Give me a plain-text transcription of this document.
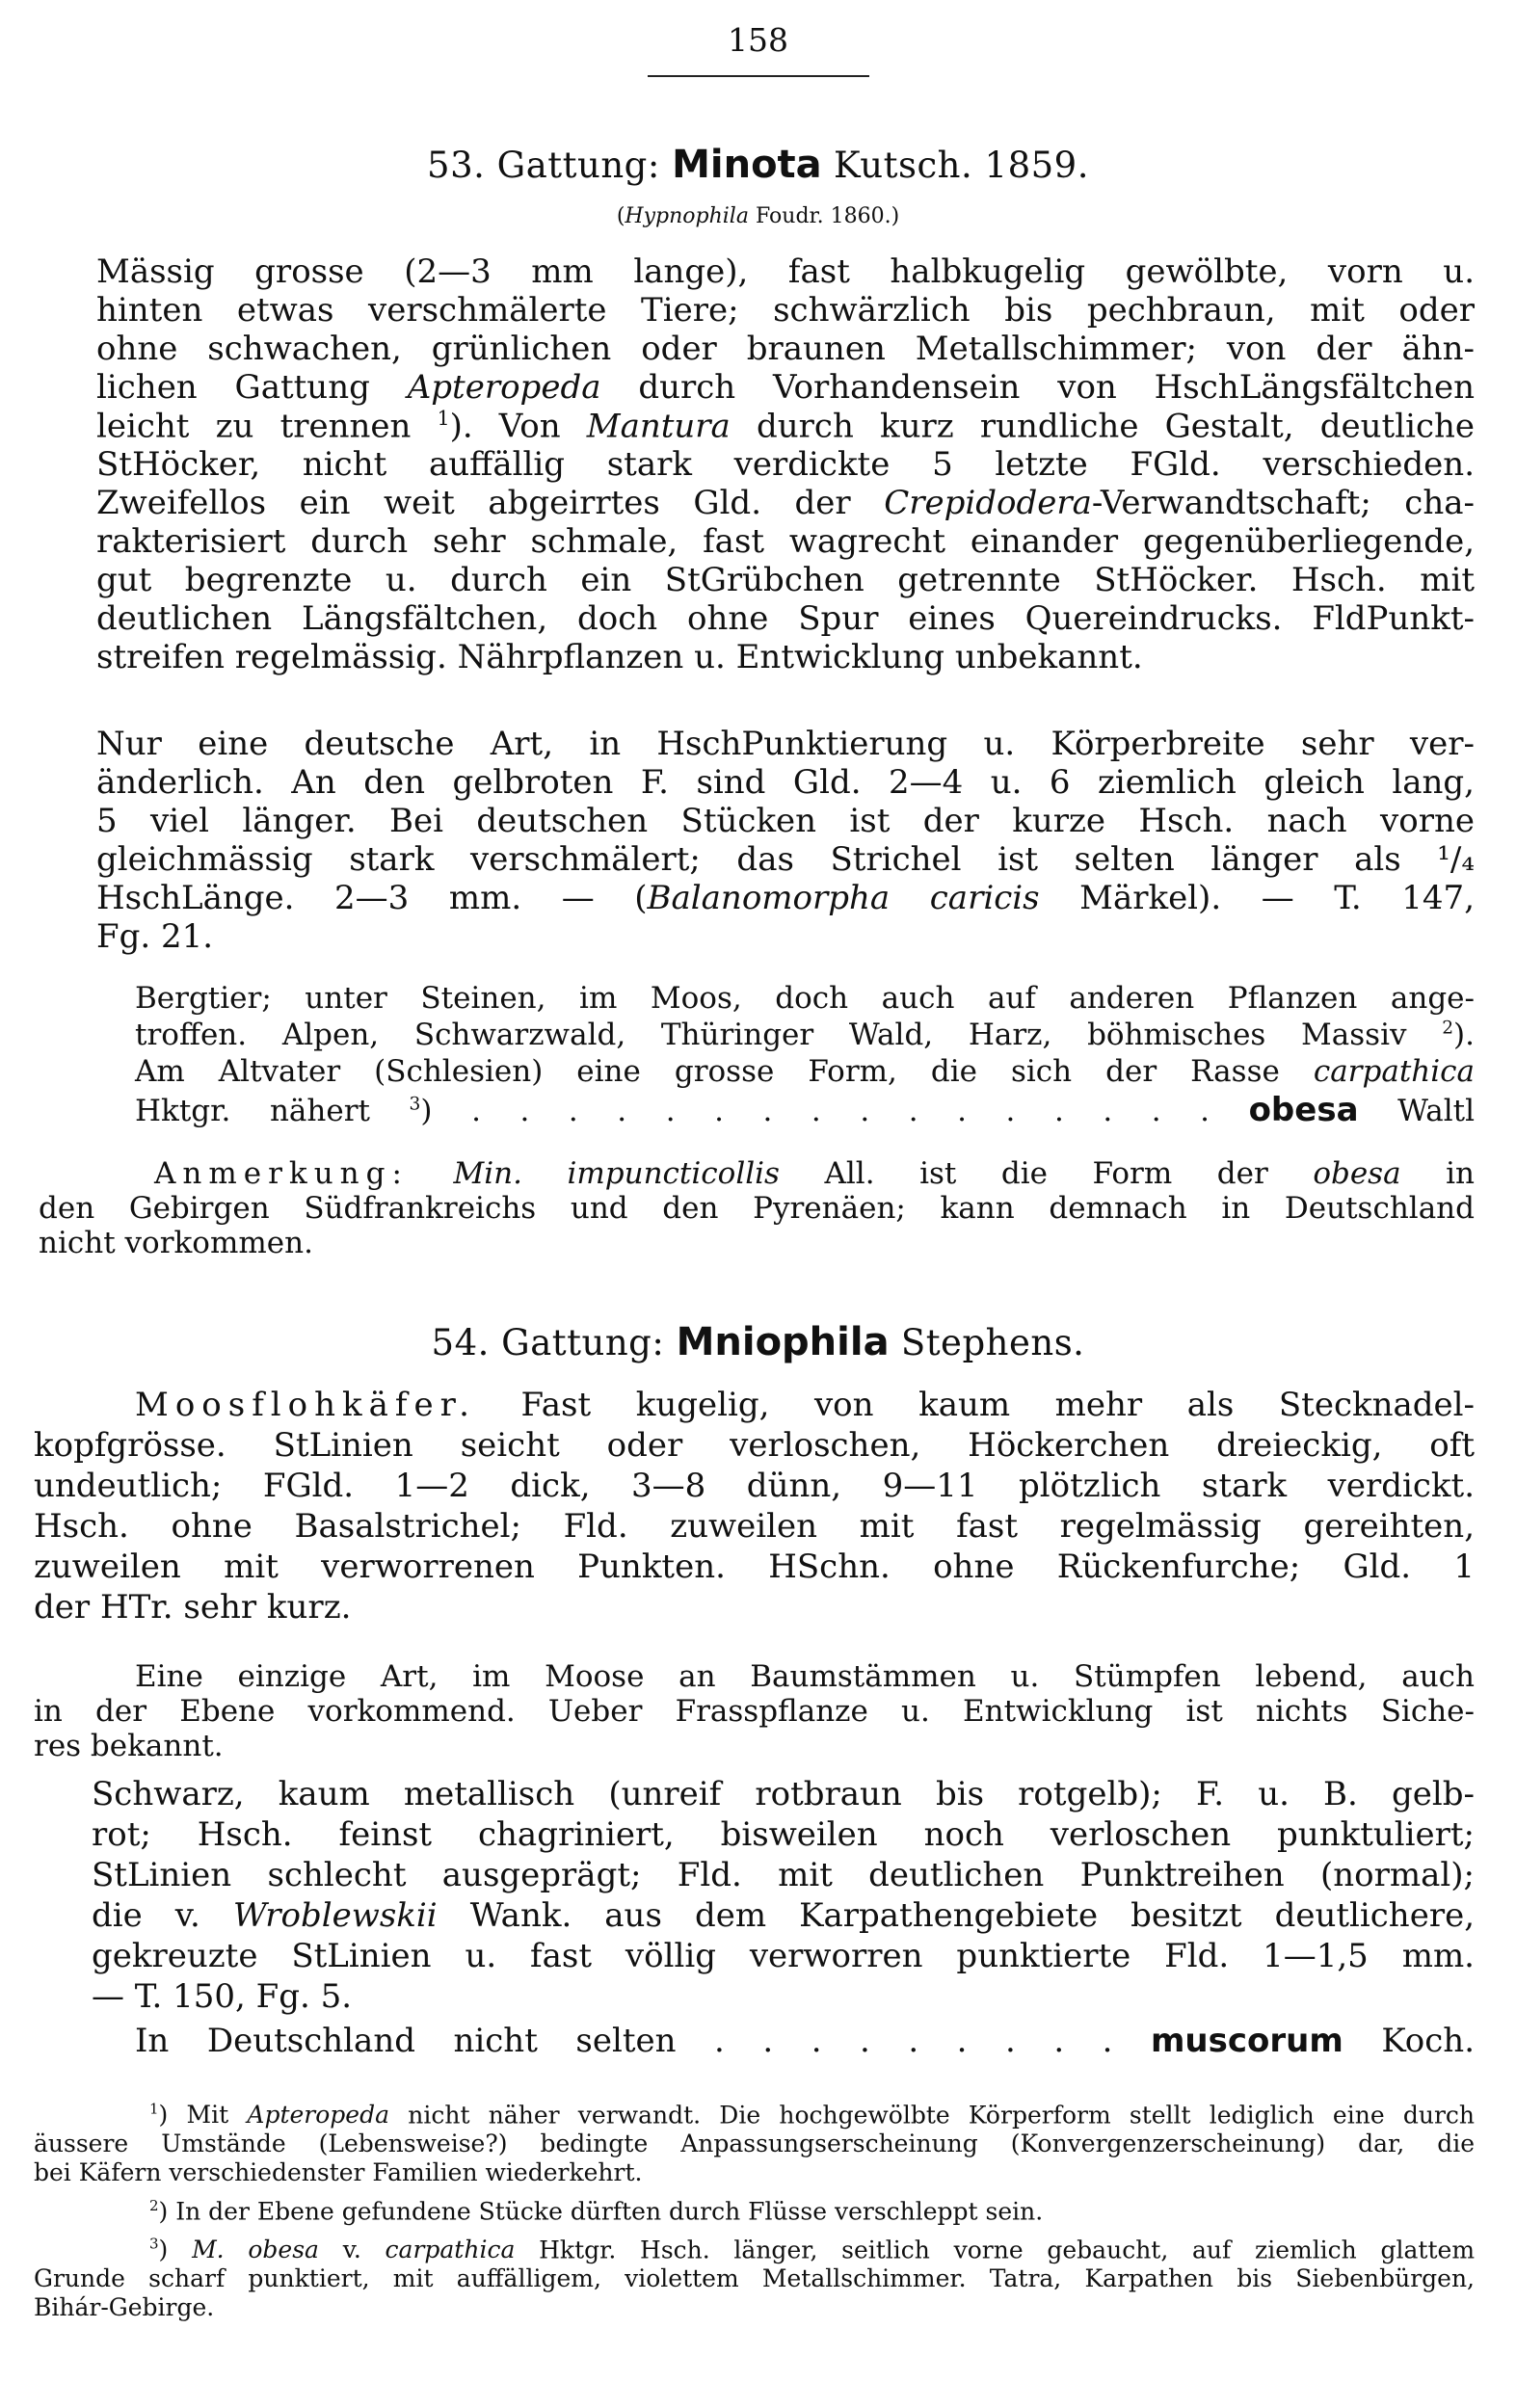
158
53. Gattung: Minota Kutsch. 1859.
(Hypnophila Foudr. 1860.)
Mässig grosse (2—3 mm lange), fast halbkugelig gewölbte, vorn u.
hinten etwas verschmälerte Tiere; schwärzlich bis pechbraun, mit oder
ohne schwachen, grünlichen oder braunen Metallschimmer; von der ähn-
lichen Gattung Apteropeda durch Vorhandensein von HschLängsfältchen
leicht zu trennen $^1$). Von Mantura durch kurz rundliche Gestalt, deutliche
StHöcker, nicht auffällig stark verdickte 5 letzte FGld. verschieden.
Zweifellos ein weit abgeirrtes Gld. der Crepidodera-Verwandtschaft; cha-
rakterisiert durch sehr schmale, fast wagrecht einander gegenüberliegende,
gut begrenzte u. durch ein StGrübchen getrennte StHöcker. Hsch. mit
deutlichen Längsfältchen, doch ohne Spur eines Quereindrucks. FldPunkt-
streifen regelmässig. Nährpflanzen u. Entwicklung unbekannt.
Nur eine deutsche Art, in HschPunktierung u. Körperbreite sehr ver-
änderlich. An den gelbroten F. sind Gld. 2—4 u. 6 ziemlich gleich lang,
5 viel länger. Bei deutschen Stücken ist der kurze Hsch. nach vorne
gleichmässig stark verschmälert; das Strichel ist selten länger als ¹/₄
HschLänge. 2—3 mm. — (Balanomorpha caricis Märkel). — T. 147,
Fg. 21.
Bergtier; unter Steinen, im Moos, doch auch auf anderen Pflanzen ange-
troffen. Alpen, Schwarzwald, Thüringer Wald, Harz, böhmisches Massiv $^2$).
Am Altvater (Schlesien) eine grosse Form, die sich der Rasse carpathica
Hktgr. nähert $^3$) . . . . . . . . . . . . . . . . obesa Waltl
Anmerkung: Min. impuncticollis All. ist die Form der obesa in
den Gebirgen Südfrankreichs und den Pyrenäen; kann demnach in Deutschland
nicht vorkommen.
54. Gattung: Mniophila Stephens.
Moosflohkäfer. Fast kugelig, von kaum mehr als Stecknadel-
kopfgrösse. StLinien seicht oder verloschen, Höckerchen dreieckig, oft
undeutlich; FGld. 1—2 dick, 3—8 dünn, 9—11 plötzlich stark verdickt.
Hsch. ohne Basalstrichel; Fld. zuweilen mit fast regelmässig gereihten,
zuweilen mit verworrenen Punkten. HSchn. ohne Rückenfurche; Gld. 1
der HTr. sehr kurz.
Eine einzige Art, im Moose an Baumstämmen u. Stümpfen lebend, auch
in der Ebene vorkommend. Ueber Frasspflanze u. Entwicklung ist nichts Siche-
res bekannt.
Schwarz, kaum metallisch (unreif rotbraun bis rotgelb); F. u. B. gelb-
rot; Hsch. feinst chagriniert, bisweilen noch verloschen punktuliert;
StLinien schlecht ausgeprägt; Fld. mit deutlichen Punktreihen (normal);
die v. Wroblewskii Wank. aus dem Karpathengebiete besitzt deutlichere,
gekreuzte StLinien u. fast völlig verworren punktierte Fld. 1—1,5 mm.
— T. 150, Fg. 5.
In Deutschland nicht selten . . . . . . . . . muscorum Koch.
$^1$) Mit Apteropeda nicht näher verwandt. Die hochgewölbte Körperform stellt lediglich eine durch
äussere Umstände (Lebensweise?) bedingte Anpassungserscheinung (Konvergenzerscheinung) dar, die
bei Käfern verschiedenster Familien wiederkehrt.
$^2$) In der Ebene gefundene Stücke dürften durch Flüsse verschleppt sein.
$^3$) M. obesa v. carpathica Hktgr. Hsch. länger, seitlich vorne gebaucht, auf ziemlich glattem
Grunde scharf punktiert, mit auffälligem, violettem Metallschimmer. Tatra, Karpathen bis Siebenbürgen,
Bihár-Gebirge.
